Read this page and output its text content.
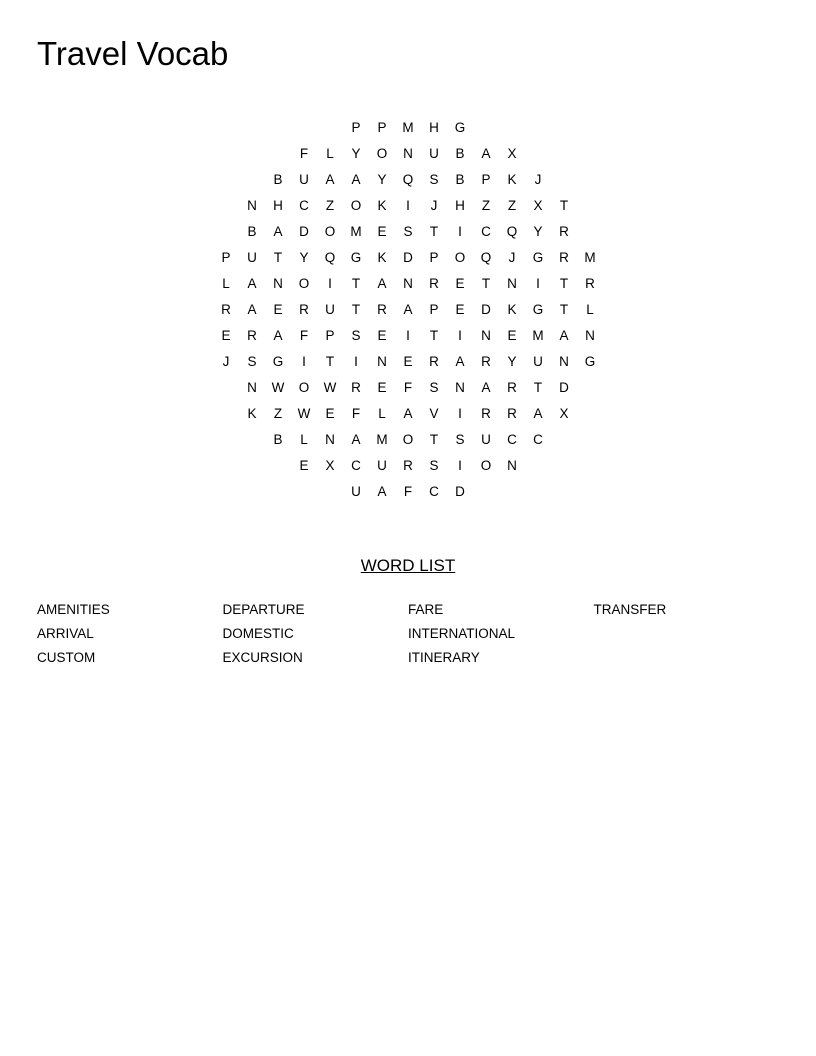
Travel Vocab
P	P	M	H	G
F	L	Y	O	N	U	B	A	X
B	U	A	A	Y	Q	S	B	P	K	J
N	H	C	Z	O	K	I	J	H	Z	Z	X	T
B	A	D	O	M	E	S	T	I	C	Q	Y	R
P	U	T	Y	Q	G	K	D	P	O	Q	J	G	R	M
L	A	N	O	I	T	A	N	R	E	T	N	I	T	R
R	A	E	R	U	T	R	A	P	E	D	K	G	T	L
E	R	A	F	P	S	E	I	T	I	N	E	M	A	N
J	S	G	I	T	I	N	E	R	A	R	Y	U	N	G
N	W	O	W	R	E	F	S	N	A	R	T	D
K	Z	W	E	F	L	A	V	I	R	R	A	X
B	L	N	A	M	O	T	S	U	C	C
E	X	C	U	R	S	I	O	N
U	A	F	C	D
WORD LIST
AMENITIES
ARRIVAL
CUSTOM
DEPARTURE
DOMESTIC
EXCURSION
FARE
INTERNATIONAL
ITINERARY
TRANSFER
